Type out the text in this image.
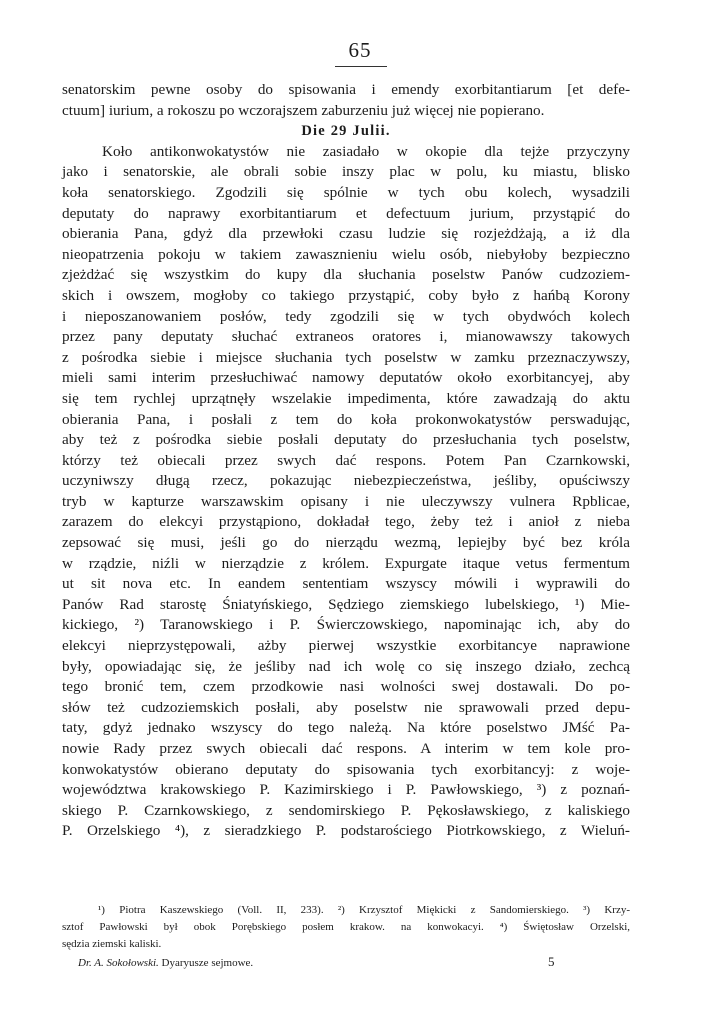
65
senatorskim pewne osoby do spisowania i emendy exorbitantiarum [et defe-
ctuum] iurium, a rokoszu po wczorajszem zaburzeniu już więcej nie popierano.
Die 29 Julii.
Koło antikonwokatystów nie zasiadało w okopie dla tejże przyczyny
jako i senatorskie, ale obrali sobie inszy plac w polu, ku miastu, blisko
koła senatorskiego. Zgodzili się spólnie w tych obu kolech, wysadzili
deputaty do naprawy exorbitantiarum et defectuum jurium, przystąpić do
obierania Pana, gdyż dla przewłoki czasu ludzie się rozjeżdżają, a iż dla
nieopatrzenia pokoju w takiem zawasznieniu wielu osób, niebyłoby bezpieczno
zjeżdżać się wszystkim do kupy dla słuchania poselstw Panów cudzoziem-
skich i owszem, mogłoby co takiego przystąpić, coby było z hańbą Korony
i nieposzanowaniem posłów, tedy zgodzili się w tych obydwóch kolech
przez pany deputaty słuchać extraneos oratores i, mianowawszy takowych
z pośrodka siebie i miejsce słuchania tych poselstw w zamku przeznaczywszy,
mieli sami interim przesłuchiwać namowy deputatów około exorbitancyej, aby
się tem rychlej uprzątnęły wszelakie impedimenta, które zawadzają do aktu
obierania Pana, i posłali z tem do koła prokonwokatystów perswadując,
aby też z pośrodka siebie posłali deputaty do przesłuchania tych poselstw,
którzy też obiecali przez swych dać respons. Potem Pan Czarnkowski,
uczyniwszy długą rzecz, pokazując niebezpieczeństwa, jeśliby, opuściwszy
tryb w kapturze warszawskim opisany i nie uleczywszy vulnera Rpblicae,
zarazem do elekcyi przystąpiono, dokładał tego, żeby też i anioł z nieba
zepsować się musi, jeśli go do nierządu wezmą, lepiejby być bez króla
w rządzie, niźli w nierządzie z królem. Expurgate itaque vetus fermentum
ut sit nova etc. In eandem sententiam wszyscy mówili i wyprawili do
Panów Rad starostę Śniatyńskiego, Sędziego ziemskiego lubelskiego, ¹) Mie-
kickiego, ²) Taranowskiego i P. Świerczowskiego, napominając ich, aby do
elekcyi nieprzystępowali, ażby pierwej wszystkie exorbitancye naprawione
były, opowiadając się, że jeśliby nad ich wolę co się inszego działo, zechcą
tego bronić tem, czem przodkowie nasi wolności swej dostawali. Do po-
słów też cudzoziemskich posłali, aby poselstw nie sprawowali przed depu-
taty, gdyż jednako wszyscy do tego należą. Na które poselstwo JMść Pa-
nowie Rady przez swych obiecali dać respons. A interim w tem kole pro-
konwokatystów obierano deputaty do spisowania tych exorbitancyj: z woje-
województwa krakowskiego P. Kazimirskiego i P. Pawłowskiego, ³) z poznań-
skiego P. Czarnkowskiego, z sendomirskiego P. Pękosławskiego, z kaliskiego
P. Orzelskiego ⁴), z sieradzkiego P. podstarościego Piotrkowskiego, z Wieluń-
¹) Piotra Kaszewskiego (Voll. II, 233). ²) Krzysztof Miękicki z Sandomierskiego. ³) Krzy-
sztof Pawłowski był obok Porębskiego posłem krakow. na konwokacyi. ⁴) Świętosław Orzelski,
sędzia ziemski kaliski.
Dr. A. Sokołowski. Dyaryusze sejmowe.	5
